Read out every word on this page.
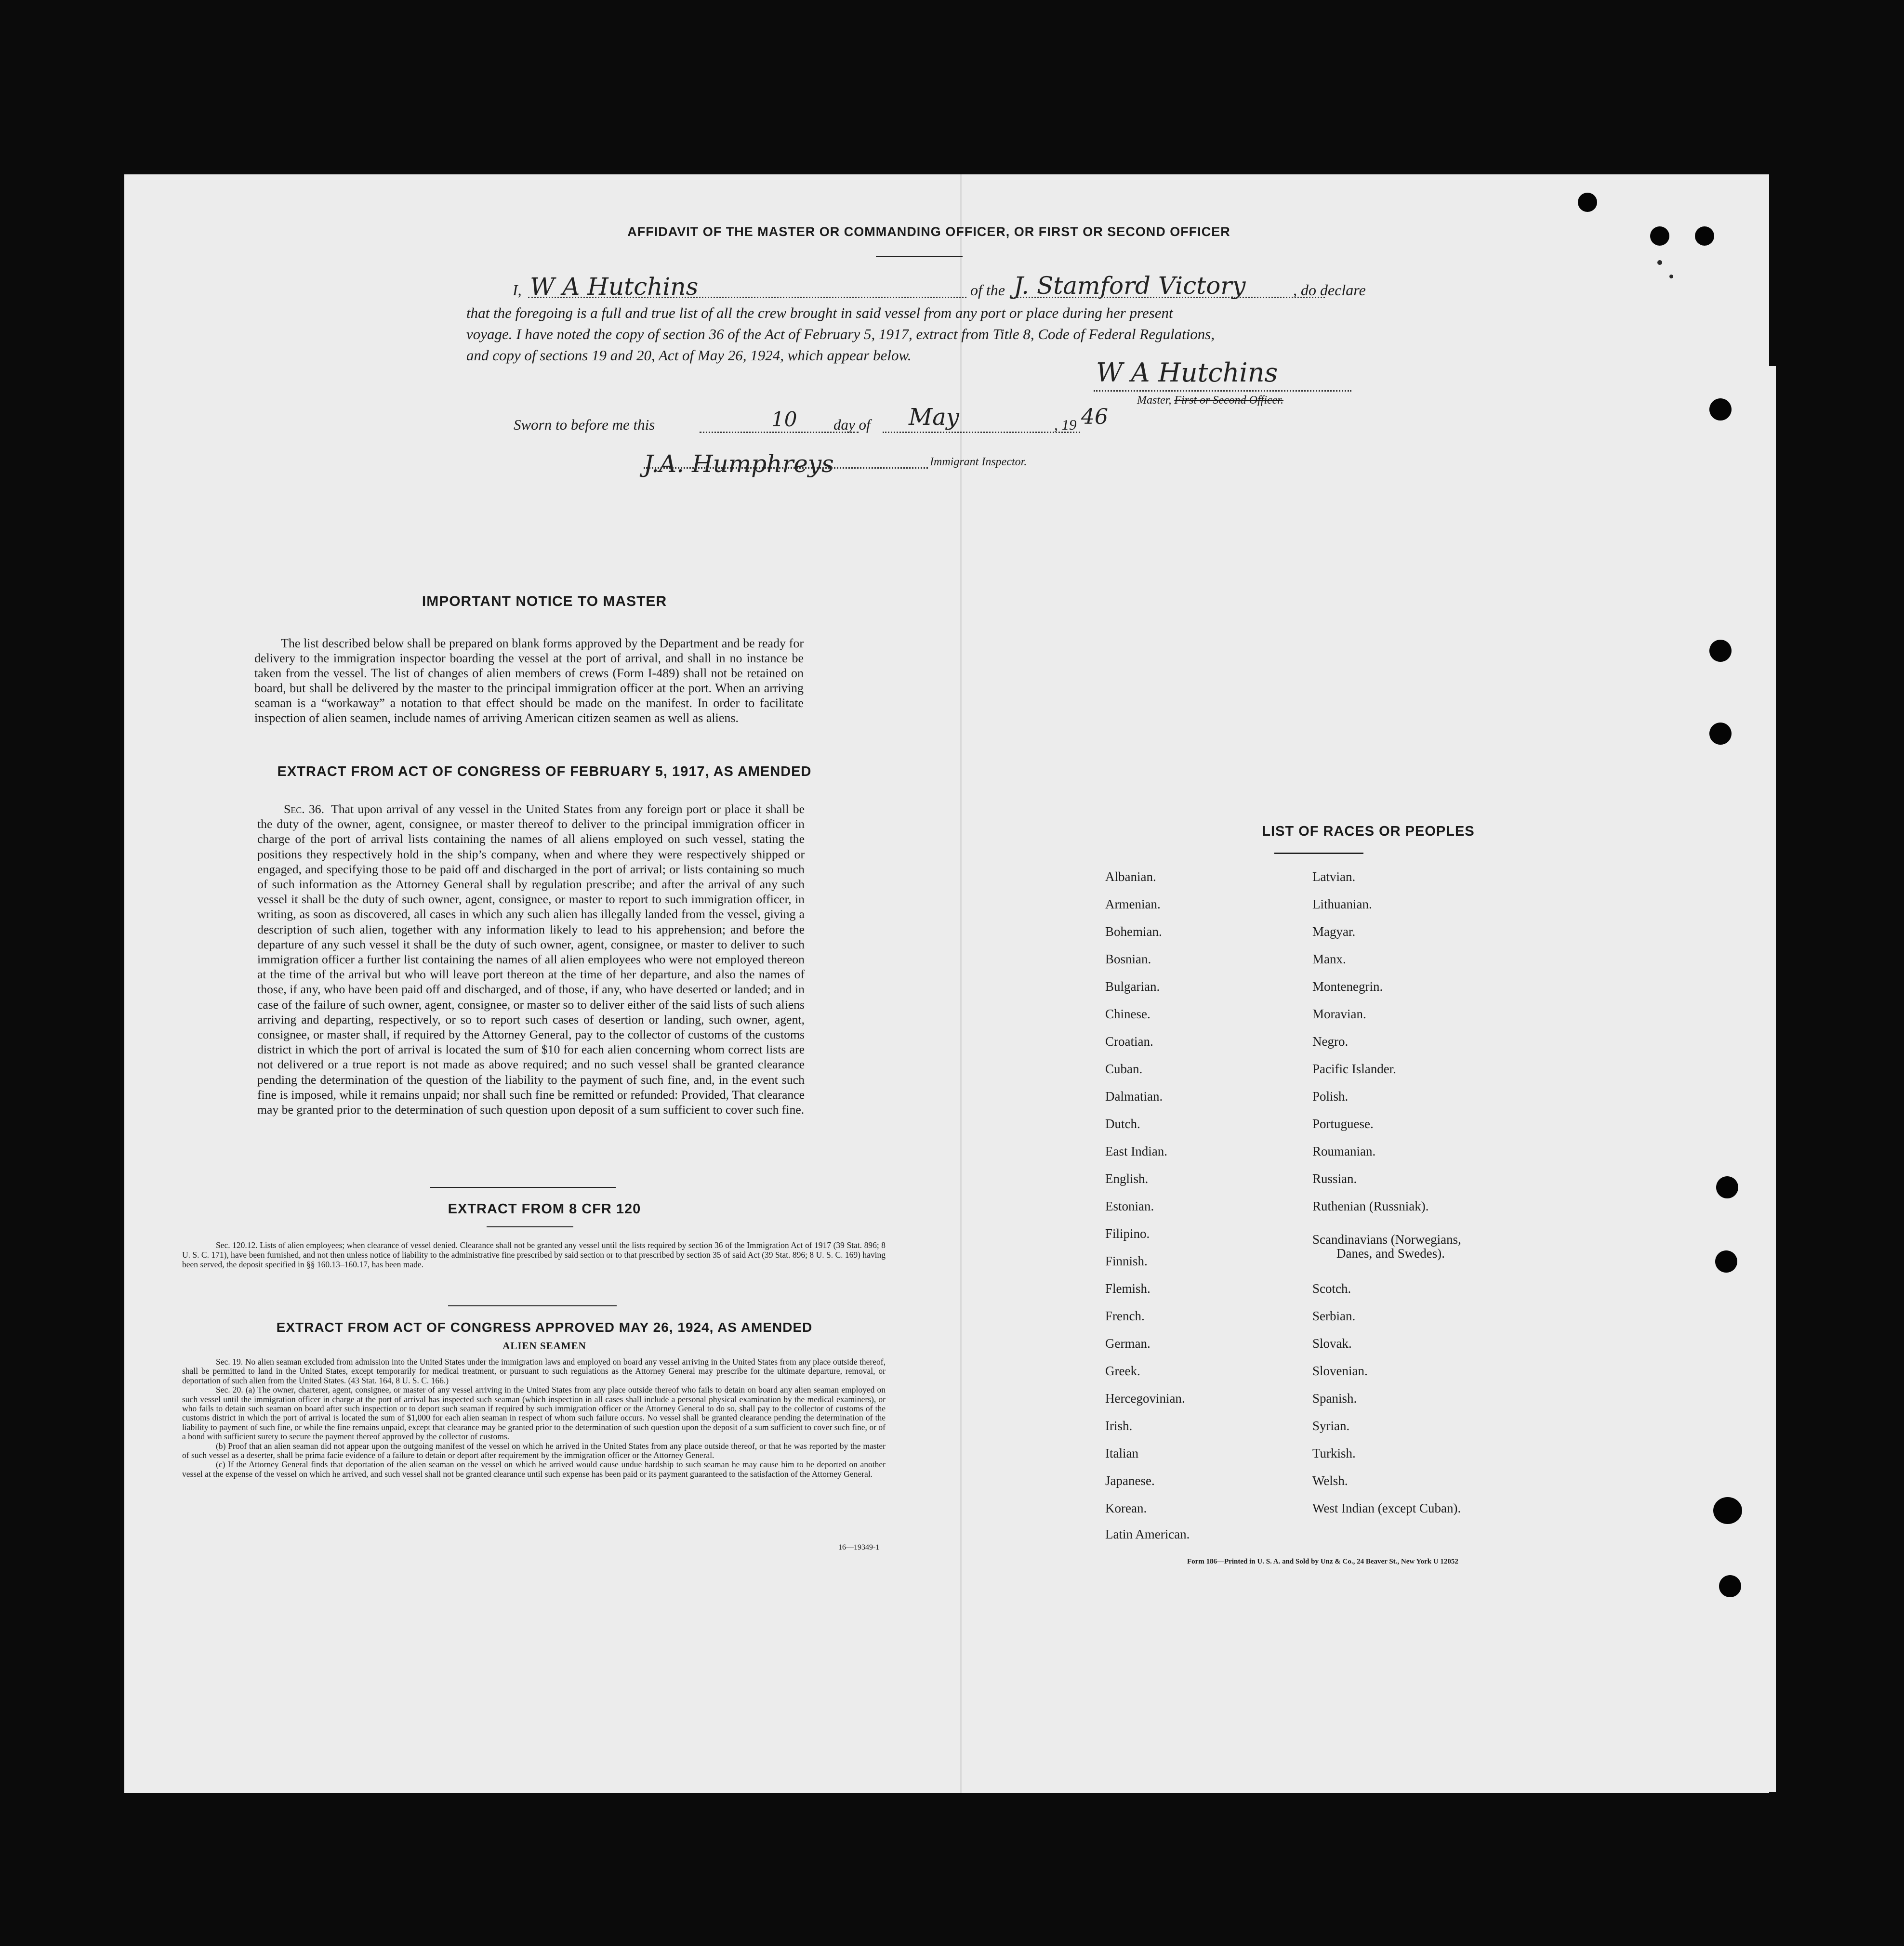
AFFIDAVIT OF THE MASTER OR COMMANDING OFFICER, OR FIRST OR SECOND OFFICER
I, W A Hutchins	of the J. Stamford Victory	, do declare
that the foregoing is a full and true list of all the crew brought in said vessel from any port or place during her present
voyage. I have noted the copy of section 36 of the Act of February 5, 1917, extract from Title 8, Code of Federal Regulations,
and copy of sections 19 and 20, Act of May 26, 1924, which appear below.
W A Hutchins
Master, First or Second Officer.
Sworn to before me this	10 day of May	, 19 46
J.A. Humphreys	Immigrant Inspector.
IMPORTANT NOTICE TO MASTER
The list described below shall be prepared on blank forms approved by the Department and be ready for delivery to the immigration inspector boarding the vessel at the port of arrival, and shall in no instance be taken from the vessel. The list of changes of alien members of crews (Form I-489) shall not be retained on board, but shall be delivered by the master to the principal immigration officer at the port. When an arriving seaman is a “workaway” a notation to that effect should be made on the manifest. In order to facilitate inspection of alien seamen, include names of arriving American citizen seamen as well as aliens.
EXTRACT FROM ACT OF CONGRESS OF FEBRUARY 5, 1917, AS AMENDED
Sec. 36. That upon arrival of any vessel in the United States from any foreign port or place it shall be the duty of the owner, agent, consignee, or master thereof to deliver to the principal immigration officer in charge of the port of arrival lists containing the names of all aliens employed on such vessel, stating the positions they respectively hold in the ship’s company, when and where they were respectively shipped or engaged, and specifying those to be paid off and discharged in the port of arrival; or lists containing so much of such information as the Attorney General shall by regulation prescribe; and after the arrival of any such vessel it shall be the duty of such owner, agent, consignee, or master to report to such immigration officer, in writing, as soon as discovered, all cases in which any such alien has illegally landed from the vessel, giving a description of such alien, together with any information likely to lead to his apprehension; and before the departure of any such vessel it shall be the duty of such owner, agent, consignee, or master to deliver to such immigration officer a further list containing the names of all alien employees who were not employed thereon at the time of the arrival but who will leave port thereon at the time of her departure, and also the names of those, if any, who have been paid off and discharged, and of those, if any, who have deserted or landed; and in case of the failure of such owner, agent, consignee, or master so to deliver either of the said lists of such aliens arriving and departing, respectively, or so to report such cases of desertion or landing, such owner, agent, consignee, or master shall, if required by the Attorney General, pay to the collector of customs of the customs district in which the port of arrival is located the sum of $10 for each alien concerning whom correct lists are not delivered or a true report is not made as above required; and no such vessel shall be granted clearance pending the determination of the question of the liability to the payment of such fine, and, in the event such fine is imposed, while it remains unpaid; nor shall such fine be remitted or refunded: Provided, That clearance may be granted prior to the determination of such question upon deposit of a sum sufficient to cover such fine.
EXTRACT FROM 8 CFR 120
Sec. 120.12. Lists of alien employees; when clearance of vessel denied. Clearance shall not be granted any vessel until the lists required by section 36 of the Immigration Act of 1917 (39 Stat. 896; 8 U. S. C. 171), have been furnished, and not then unless notice of liability to the administrative fine prescribed by said section or to that prescribed by section 35 of said Act (39 Stat. 896; 8 U. S. C. 169) having been served, the deposit specified in §§ 160.13–160.17, has been made.
EXTRACT FROM ACT OF CONGRESS APPROVED MAY 26, 1924, AS AMENDED
ALIEN SEAMEN
Sec. 19. No alien seaman excluded from admission into the United States under the immigration laws and employed on board any vessel arriving in the United States from any place outside thereof, shall be permitted to land in the United States, except temporarily for medical treatment, or pursuant to such regulations as the Attorney General may prescribe for the ultimate departure, removal, or deportation of such alien from the United States. (43 Stat. 164, 8 U. S. C. 166.)
Sec. 20. (a) The owner, charterer, agent, consignee, or master of any vessel arriving in the United States from any place outside thereof who fails to detain on board any alien seaman employed on such vessel until the immigration officer in charge at the port of arrival has inspected such seaman (which inspection in all cases shall include a personal physical examination by the medical examiners), or who fails to detain such seaman on board after such inspection or to deport such seaman if required by such immigration officer or the Attorney General to do so, shall pay to the collector of customs of the customs district in which the port of arrival is located the sum of $1,000 for each alien seaman in respect of whom such failure occurs. No vessel shall be granted clearance pending the determination of the liability to payment of such fine, or while the fine remains unpaid, except that clearance may be granted prior to the determination of such question upon the deposit of a sum sufficient to cover such fine, or of a bond with sufficient surety to secure the payment thereof approved by the collector of customs.
(b) Proof that an alien seaman did not appear upon the outgoing manifest of the vessel on which he arrived in the United States from any place outside thereof, or that he was reported by the master of such vessel as a deserter, shall be prima facie evidence of a failure to detain or deport after requirement by the immigration officer or the Attorney General.
(c) If the Attorney General finds that deportation of the alien seaman on the vessel on which he arrived would cause undue hardship to such seaman he may cause him to be deported on another vessel at the expense of the vessel on which he arrived, and such vessel shall not be granted clearance until such expense has been paid or its payment guaranteed to the satisfaction of the Attorney General.
16—19349-1
LIST OF RACES OR PEOPLES
Albanian.
Armenian.
Bohemian.
Bosnian.
Bulgarian.
Chinese.
Croatian.
Cuban.
Dalmatian.
Dutch.
East Indian.
English.
Estonian.
Filipino.
Finnish.
Flemish.
French.
German.
Greek.
Hercegovinian.
Irish.
Italian
Japanese.
Korean.
Latin American.
Latvian.
Lithuanian.
Magyar.
Manx.
Montenegrin.
Moravian.
Negro.
Pacific Islander.
Polish.
Portuguese.
Roumanian.
Russian.
Ruthenian (Russniak).
Scandinavians (Norwegians,
Danes, and Swedes).
Scotch.
Serbian.
Slovak.
Slovenian.
Spanish.
Syrian.
Turkish.
Welsh.
West Indian (except Cuban).
Form 186—Printed in U. S. A. and Sold by Unz & Co., 24 Beaver St., New York U 12052
